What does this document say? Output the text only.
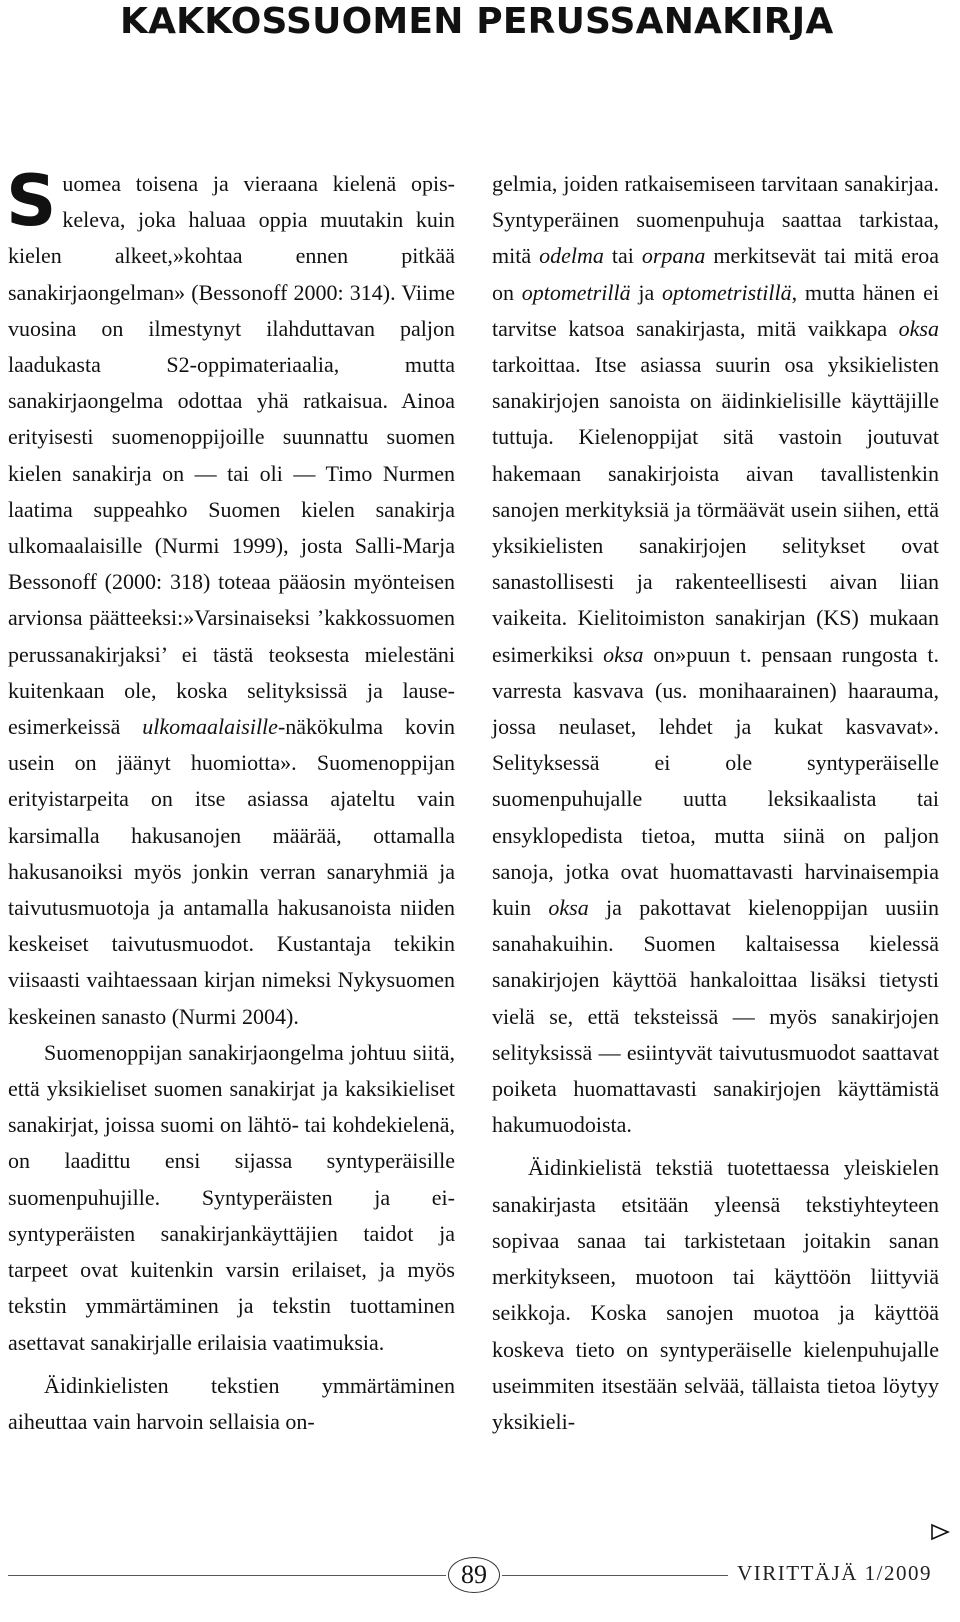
KAKKOSSUOMEN PERUSSANAKIRJA

Suomea toisena ja vieraana kielenä opiskeleva, joka haluaa oppia muutakin kuin kielen alkeet,»kohtaa ennen pitkää sanakirjaongelman» (Bessonoff 2000: 314). Viime vuosina on ilmestynyt ilahduttavan paljon laadukasta S2-oppimateriaalia, mutta sanakirjaongelma odottaa yhä ratkaisua. Ainoa erityisesti suomenoppijoille suunnattu suomen kielen sanakirja on — tai oli — Timo Nurmen laatima suppeahko Suomen kielen sanakirja ulkomaalaisille (Nurmi 1999), josta Salli-Marja Bessonoff (2000: 318) toteaa pääosin myönteisen arvionsa päätteeksi:»Varsinaiseksi ’kakkossuomen perussanakirjaksi’ ei tästä teoksesta mielestäni kuitenkaan ole, koska selityksissä ja lause-esimerkeissä ulkomaalaisille-näkökulma kovin usein on jäänyt huomiotta». Suomenoppijan erityistarpeita on itse asiassa ajateltu vain karsimalla hakusanojen määrää, ottamalla hakusanoiksi myös jonkin verran sanaryhmiä ja taivutusmuotoja ja antamalla hakusanoista niiden keskeiset taivutusmuodot. Kustantaja tekikin viisaasti vaihtaessaan kirjan nimeksi Nykysuomen keskeinen sanasto (Nurmi 2004).

Suomenoppijan sanakirjaongelma johtuu siitä, että yksikieliset suomen sanakirjat ja kaksikieliset sanakirjat, joissa suomi on lähtö- tai kohdekielenä, on laadittu ensi sijassa syntyperäisille suomenpuhujille. Syntyperäisten ja ei-syntyperäisten sanakirjankäyttäjien taidot ja tarpeet ovat kuitenkin varsin erilaiset, ja myös tekstin ymmärtäminen ja tekstin tuottaminen asettavat sanakirjalle erilaisia vaatimuksia.

Äidinkielisten tekstien ymmärtäminen aiheuttaa vain harvoin sellaisia on-

gelmia, joiden ratkaisemiseen tarvitaan sanakirjaa. Syntyperäinen suomenpuhuja saattaa tarkistaa, mitä odelma tai orpana merkitsevät tai mitä eroa on optometrillä ja optometristillä, mutta hänen ei tarvitse katsoa sanakirjasta, mitä vaikkapa oksa tarkoittaa. Itse asiassa suurin osa yksikielisten sanakirjojen sanoista on äidinkielisille käyttäjille tuttuja. Kielenoppijat sitä vastoin joutuvat hakemaan sanakirjoista aivan tavallistenkin sanojen merkityksiä ja törmäävät usein siihen, että yksikielisten sanakirjojen selitykset ovat sanastollisesti ja rakenteellisesti aivan liian vaikeita. Kielitoimiston sanakirjan (KS) mukaan esimerkiksi oksa on»puun t. pensaan rungosta t. varresta kasvava (us. monihaarainen) haarauma, jossa neulaset, lehdet ja kukat kasvavat». Selityksessä ei ole syntyperäiselle suomenpuhujalle uutta leksikaalista tai ensyklopedista tietoa, mutta siinä on paljon sanoja, jotka ovat huomattavasti harvinaisempia kuin oksa ja pakottavat kielenoppijan uusiin sanahakuihin. Suomen kaltaisessa kielessä sanakirjojen käyttöä hankaloittaa lisäksi tietysti vielä se, että teksteissä — myös sanakirjojen selityksissä — esiintyvät taivutusmuodot saattavat poiketa huomattavasti sanakirjojen käyttämistä hakumuodoista.

Äidinkielistä tekstiä tuotettaessa yleiskielen sanakirjasta etsitään yleensä tekstiyhteyteen sopivaa sanaa tai tarkistetaan joitakin sanan merkitykseen, muotoon tai käyttöön liittyviä seikkoja. Koska sanojen muotoa ja käyttöä koskeva tieto on syntyperäiselle kielenpuhujalle useimmiten itsestään selvää, tällaista tietoa löytyy yksikieli-

89	VIRITTÄJÄ 1/2009
